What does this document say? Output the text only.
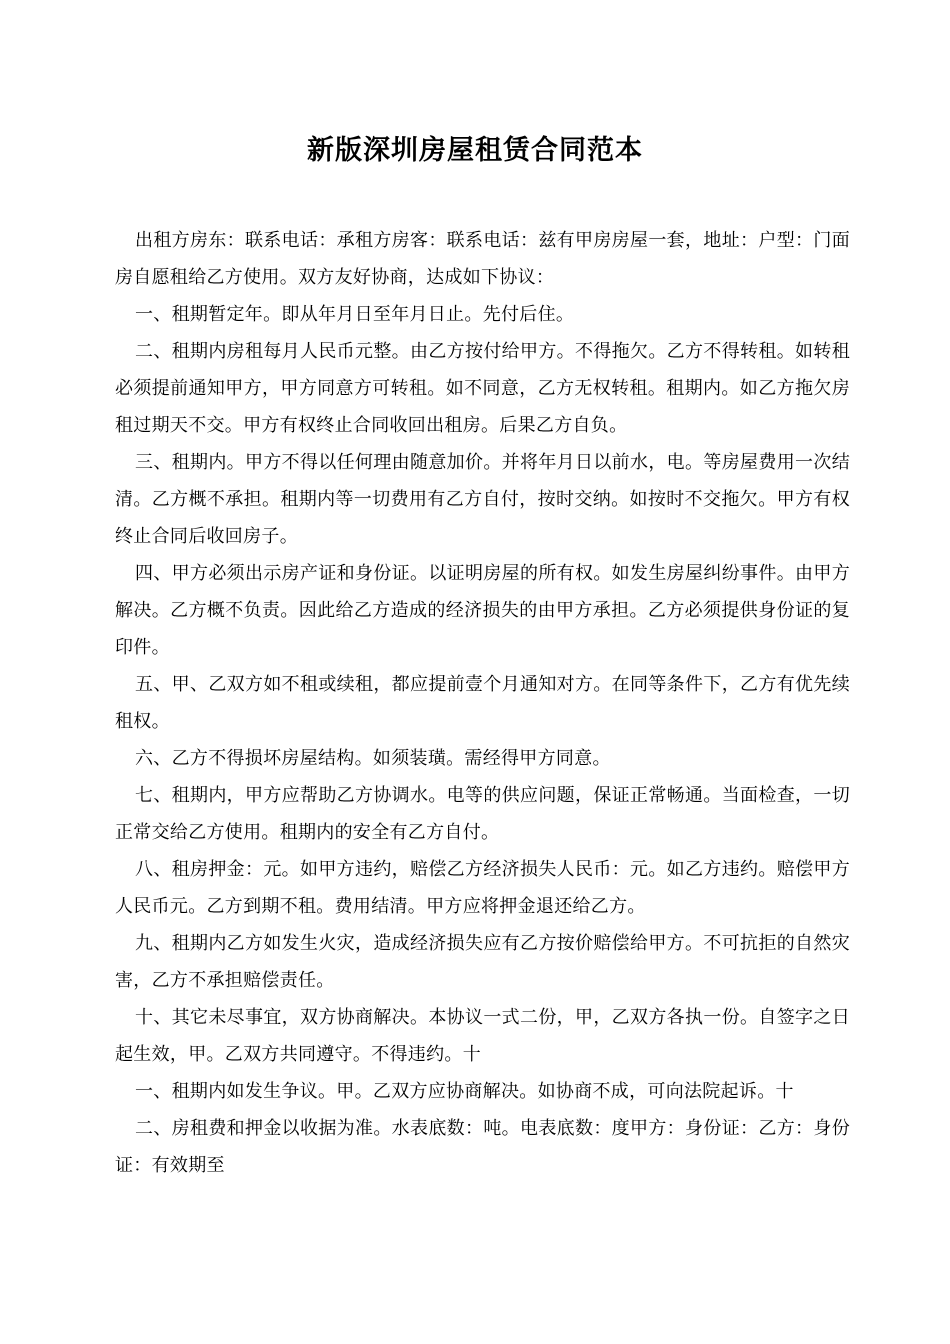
新版深圳房屋租赁合同范本

出租方房东：联系电话：承租方房客：联系电话：兹有甲房房屋一套，地址：户型：门面房自愿租给乙方使用。双方友好协商，达成如下协议：

一、租期暂定年。即从年月日至年月日止。先付后住。

二、租期内房租每月人民币元整。由乙方按付给甲方。不得拖欠。乙方不得转租。如转租必须提前通知甲方，甲方同意方可转租。如不同意，乙方无权转租。租期内。如乙方拖欠房租过期天不交。甲方有权终止合同收回出租房。后果乙方自负。

三、租期内。甲方不得以任何理由随意加价。并将年月日以前水，电。等房屋费用一次结清。乙方概不承担。租期内等一切费用有乙方自付，按时交纳。如按时不交拖欠。甲方有权终止合同后收回房子。

四、甲方必须出示房产证和身份证。以证明房屋的所有权。如发生房屋纠纷事件。由甲方解决。乙方概不负责。因此给乙方造成的经济损失的由甲方承担。乙方必须提供身份证的复印件。

五、甲、乙双方如不租或续租，都应提前壹个月通知对方。在同等条件下，乙方有优先续租权。

六、乙方不得损坏房屋结构。如须装璜。需经得甲方同意。

七、租期内，甲方应帮助乙方协调水。电等的供应问题，保证正常畅通。当面检查，一切正常交给乙方使用。租期内的安全有乙方自付。

八、租房押金：元。如甲方违约，赔偿乙方经济损失人民币：元。如乙方违约。赔偿甲方人民币元。乙方到期不租。费用结清。甲方应将押金退还给乙方。

九、租期内乙方如发生火灾，造成经济损失应有乙方按价赔偿给甲方。不可抗拒的自然灾害，乙方不承担赔偿责任。

十、其它未尽事宜，双方协商解决。本协议一式二份，甲，乙双方各执一份。自签字之日起生效，甲。乙双方共同遵守。不得违约。十

一、租期内如发生争议。甲。乙双方应协商解决。如协商不成，可向法院起诉。十

二、房租费和押金以收据为准。水表底数：吨。电表底数：度甲方：身份证：乙方：身份证：有效期至
